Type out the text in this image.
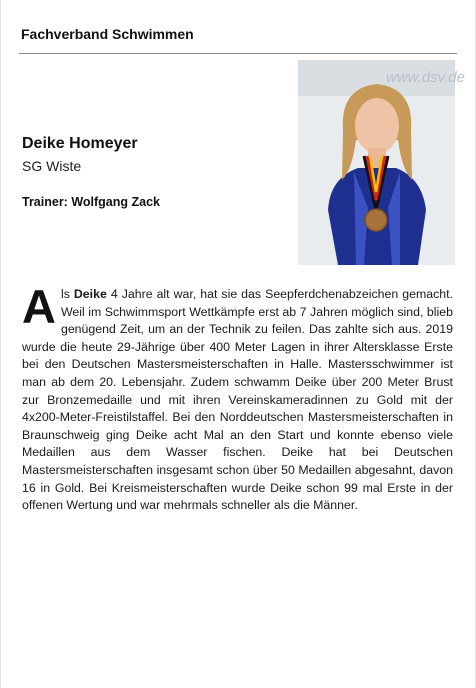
Fachverband Schwimmen
Deike Homeyer
SG Wiste
Trainer: Wolfgang Zack
www.dsv.de
Als Deike 4 Jahre alt war, hat sie das Seepferdchenabzeichen gemacht. Weil im Schwimmsport Wettkämpfe erst ab 7 Jahren möglich sind, blieb genügend Zeit, um an der Technik zu feilen. Das zahlte sich aus. 2019 wurde die heute 29-Jährige über 400 Meter Lagen in ihrer Altersklasse Erste bei den Deutschen Mastersmeisterschaften in Halle. Mastersschwimmer ist man ab dem 20. Lebensjahr. Zudem schwamm Deike über 200 Meter Brust zur Bronzemedaille und mit ihren Vereinskameradinnen zu Gold mit der 4x200-Meter-Freistilstaffel. Bei den Norddeutschen Mastersmeisterschaften in Braunschweig ging Deike acht Mal an den Start und konnte ebenso viele Medaillen aus dem Wasser fischen. Deike hat bei Deutschen Mastersmeisterschaften insgesamt schon über 50 Medaillen abgesahnt, davon 16 in Gold. Bei Kreismeisterschaften wurde Deike schon 99 mal Erste in der offenen Wertung und war mehrmals schneller als die Männer.
